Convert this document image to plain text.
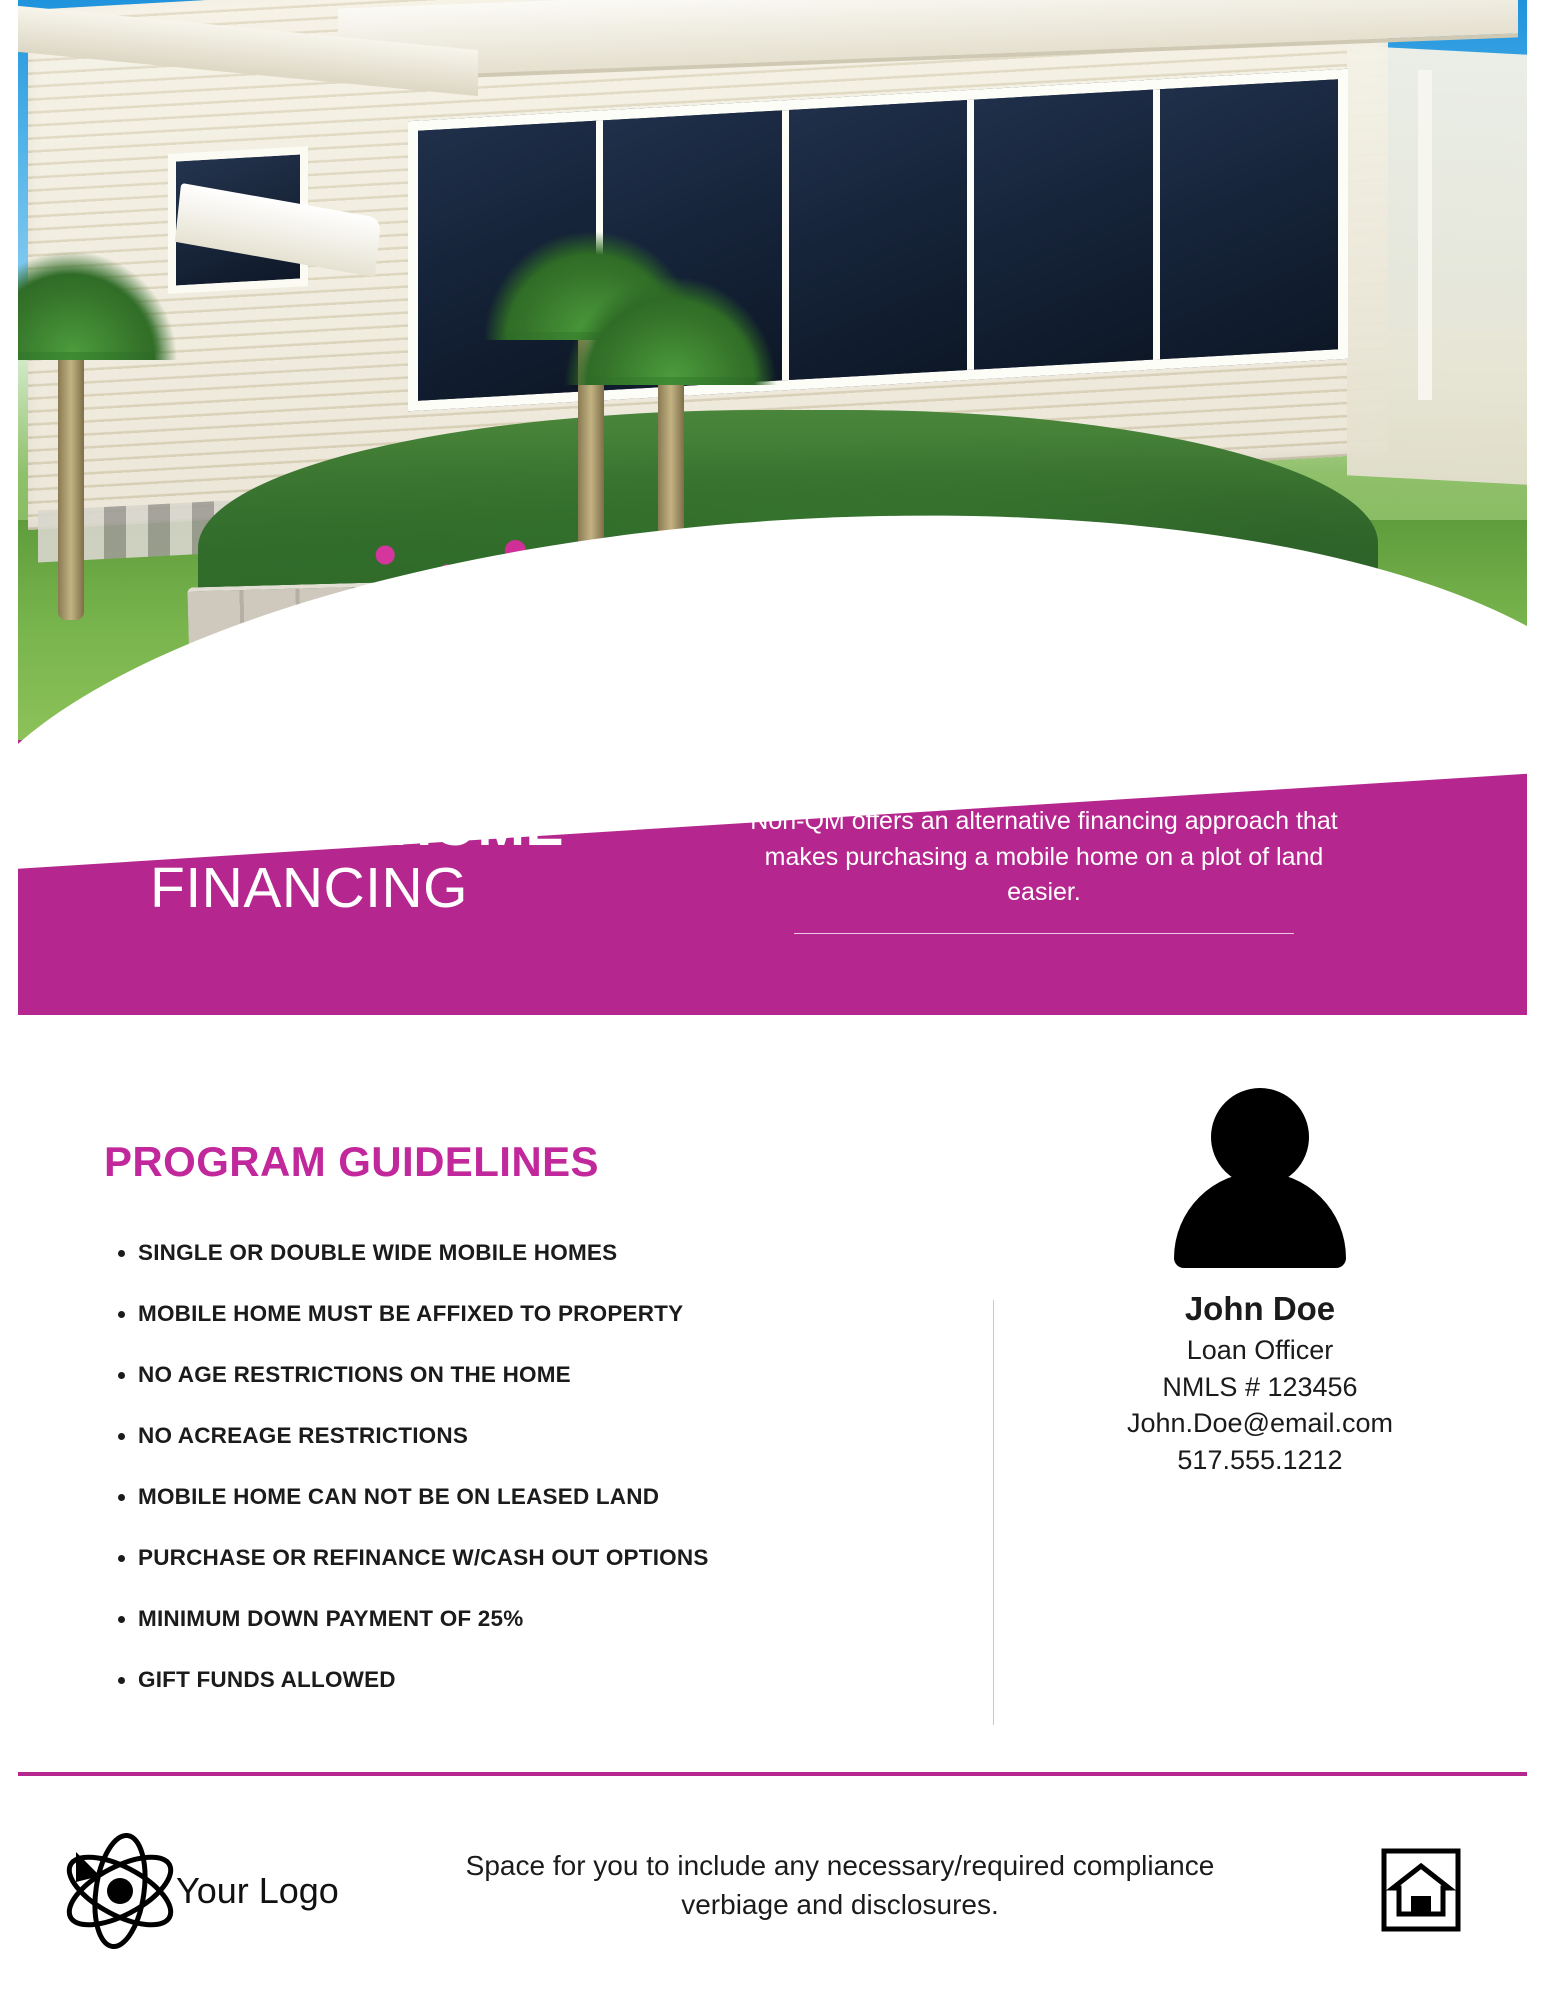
MOBILE HOME
FINANCING
Non-QM offers an alternative financing approach that makes purchasing a mobile home on a plot of land easier.
PROGRAM GUIDELINES
• SINGLE OR DOUBLE WIDE MOBILE HOMES
• MOBILE HOME MUST BE AFFIXED TO PROPERTY
• NO AGE RESTRICTIONS ON THE HOME
• NO ACREAGE RESTRICTIONS
• MOBILE HOME CAN NOT BE ON LEASED LAND
• PURCHASE OR REFINANCE W/CASH OUT OPTIONS
• MINIMUM DOWN PAYMENT OF 25%
• GIFT FUNDS ALLOWED
John Doe
Loan Officer
NMLS # 123456
John.Doe@email.com
517.555.1212
Your Logo
Space for you to include any necessary/required compliance verbiage and disclosures.
